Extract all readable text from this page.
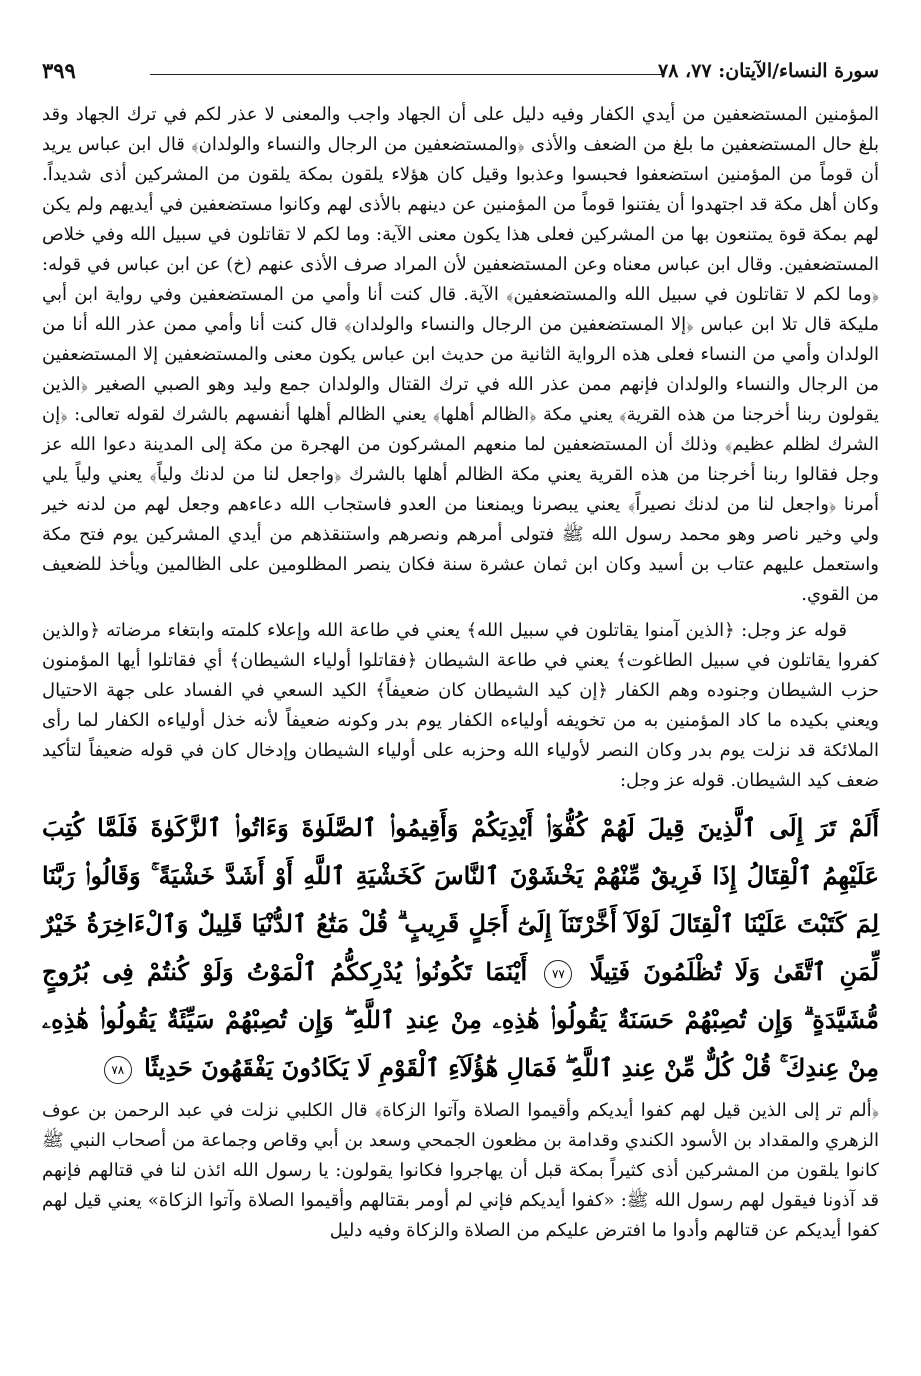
سورة النساء/الآيتان: ٧٧، ٧٨
٣٩٩

المؤمنين المستضعفين من أيدي الكفار وفيه دليل على أن الجهاد واجب والمعنى لا عذر لكم في ترك الجهاد وقد بلغ حال المستضعفين ما بلغ من الضعف والأذى ﴿والمستضعفين من الرجال والنساء والولدان﴾ قال ابن عباس يريد أن قوماً من المؤمنين استضعفوا فحبسوا وعذبوا وقيل كان هؤلاء يلقون بمكة يلقون من المشركين أذى شديداً. وكان أهل مكة قد اجتهدوا أن يفتنوا قوماً من المؤمنين عن دينهم بالأذى لهم وكانوا مستضعفين في أيديهم ولم يكن لهم بمكة قوة يمتنعون بها من المشركين فعلى هذا يكون معنى الآية: وما لكم لا تقاتلون في سبيل الله وفي خلاص المستضعفين. وقال ابن عباس معناه وعن المستضعفين لأن المراد صرف الأذى عنهم (خ) عن ابن عباس في قوله: ﴿وما لكم لا تقاتلون في سبيل الله والمستضعفين﴾ الآية. قال كنت أنا وأمي من المستضعفين وفي رواية ابن أبي مليكة قال تلا ابن عباس ﴿إلا المستضعفين من الرجال والنساء والولدان﴾ قال كنت أنا وأمي ممن عذر الله أنا من الولدان وأمي من النساء فعلى هذه الرواية الثانية من حديث ابن عباس يكون معنى والمستضعفين إلا المستضعفين من الرجال والنساء والولدان فإنهم ممن عذر الله في ترك القتال والولدان جمع وليد وهو الصبي الصغير ﴿الذين يقولون ربنا أخرجنا من هذه القرية﴾ يعني مكة ﴿الظالم أهلها﴾ يعني الظالم أهلها أنفسهم بالشرك لقوله تعالى: ﴿إن الشرك لظلم عظيم﴾ وذلك أن المستضعفين لما منعهم المشركون من الهجرة من مكة إلى المدينة دعوا الله عز وجل فقالوا ربنا أخرجنا من هذه القرية يعني مكة الظالم أهلها بالشرك ﴿واجعل لنا من لدنك ولياً﴾ يعني ولياً يلي أمرنا ﴿واجعل لنا من لدنك نصيراً﴾ يعني يبصرنا ويمنعنا من العدو فاستجاب الله دعاءهم وجعل لهم من لدنه خير ولي وخير ناصر وهو محمد رسول الله ﷺ فتولى أمرهم ونصرهم واستنقذهم من أيدي المشركين يوم فتح مكة واستعمل عليهم عتاب بن أسيد وكان ابن ثمان عشرة سنة فكان ينصر المظلومين على الظالمين ويأخذ للضعيف من القوي.

قوله عز وجل: ﴿الذين آمنوا يقاتلون في سبيل الله﴾ يعني في طاعة الله وإعلاء كلمته وابتغاء مرضاته ﴿والذين كفروا يقاتلون في سبيل الطاغوت﴾ يعني في طاعة الشيطان ﴿فقاتلوا أولياء الشيطان﴾ أي فقاتلوا أيها المؤمنون حزب الشيطان وجنوده وهم الكفار ﴿إن كيد الشيطان كان ضعيفاً﴾ الكيد السعي في الفساد على جهة الاحتيال ويعني بكيده ما كاد المؤمنين به من تخويفه أولياءه الكفار يوم بدر وكونه ضعيفاً لأنه خذل أولياءه الكفار لما رأى الملائكة قد نزلت يوم بدر وكان النصر لأولياء الله وحزبه على أولياء الشيطان وإدخال كان في قوله ضعيفاً لتأكيد ضعف كيد الشيطان. قوله عز وجل:

أَلَمْ تَرَ إِلَى ٱلَّذِينَ قِيلَ لَهُمْ كُفُّوٓا۟ أَيْدِيَكُمْ وَأَقِيمُوا۟ ٱلصَّلَوٰةَ وَءَاتُوا۟ ٱلزَّكَوٰةَ فَلَمَّا كُتِبَ عَلَيْهِمُ ٱلْقِتَالُ إِذَا فَرِيقٌ مِّنْهُمْ يَخْشَوْنَ ٱلنَّاسَ كَخَشْيَةِ ٱللَّهِ أَوْ أَشَدَّ خَشْيَةً ۚ وَقَالُوا۟ رَبَّنَا لِمَ كَتَبْتَ عَلَيْنَا ٱلْقِتَالَ لَوْلَآ أَخَّرْتَنَآ إِلَىٰٓ أَجَلٍ قَرِيبٍ ۗ قُلْ مَتَٰعُ ٱلدُّنْيَا قَلِيلٌ وَٱلْءَاخِرَةُ خَيْرٌ لِّمَنِ ٱتَّقَىٰ وَلَا تُظْلَمُونَ فَتِيلًا ٧٧ أَيْنَمَا تَكُونُوا۟ يُدْرِككُّمُ ٱلْمَوْتُ وَلَوْ كُنتُمْ فِى بُرُوجٍ مُّشَيَّدَةٍ ۗ وَإِن تُصِبْهُمْ حَسَنَةٌ يَقُولُوا۟ هَٰذِهِۦ مِنْ عِندِ ٱللَّهِ ۖ وَإِن تُصِبْهُمْ سَيِّئَةٌ يَقُولُوا۟ هَٰذِهِۦ مِنْ عِندِكَ ۚ قُلْ كُلٌّ مِّنْ عِندِ ٱللَّهِ ۖ فَمَالِ هَٰٓؤُلَآءِ ٱلْقَوْمِ لَا يَكَادُونَ يَفْقَهُونَ حَدِيثًا ٧٨

﴿ألم تر إلى الذين قيل لهم كفوا أيديكم وأقيموا الصلاة وآتوا الزكاة﴾ قال الكلبي نزلت في عبد الرحمن بن عوف الزهري والمقداد بن الأسود الكندي وقدامة بن مظعون الجمحي وسعد بن أبي وقاص وجماعة من أصحاب النبي ﷺ كانوا يلقون من المشركين أذى كثيراً بمكة قبل أن يهاجروا فكانوا يقولون: يا رسول الله ائذن لنا في قتالهم فإنهم قد آذونا فيقول لهم رسول الله ﷺ: «كفوا أيديكم فإني لم أومر بقتالهم وأقيموا الصلاة وآتوا الزكاة» يعني قيل لهم كفوا أيديكم عن قتالهم وأدوا ما افترض عليكم من الصلاة والزكاة وفيه دليل
